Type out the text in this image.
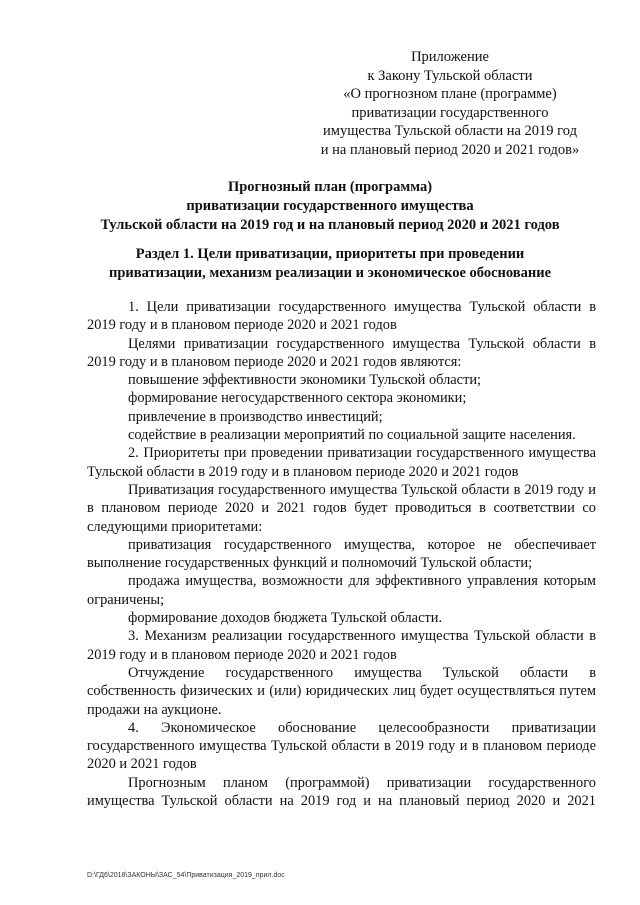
Приложение
к Закону Тульской области
«О прогнозном плане (программе)
приватизации государственного
имущества Тульской области на 2019 год
и на плановый период 2020 и 2021 годов»
Прогнозный план (программа)
приватизации государственного имущества
Тульской области на 2019 год и на плановый период 2020 и 2021 годов
Раздел 1. Цели приватизации, приоритеты при проведении
приватизации, механизм реализации и экономическое обоснование

1. Цели приватизации государственного имущества Тульской области в 2019 году и в плановом периоде 2020 и 2021 годов

Целями приватизации государственного имущества Тульской области в 2019 году и в плановом периоде 2020 и 2021 годов являются:

повышение эффективности экономики Тульской области;

формирование негосударственного сектора экономики;

привлечение в производство инвестиций;

содействие в реализации мероприятий по социальной защите населения.

2. Приоритеты при проведении приватизации государственного имущества Тульской области в 2019 году и в плановом периоде 2020 и 2021 годов

Приватизация государственного имущества Тульской области в 2019 году и в плановом периоде 2020 и 2021 годов будет проводиться в соответствии со следующими приоритетами:

приватизация государственного имущества, которое не обеспечивает выполнение государственных функций и полномочий Тульской области;

продажа имущества, возможности для эффективного управления которым ограничены;

формирование доходов бюджета Тульской области.

3. Механизм реализации государственного имущества Тульской области в 2019 году и в плановом периоде 2020 и 2021 годов

Отчуждение государственного имущества Тульской области в собственность физических и (или) юридических лиц будет осуществляться путем продажи на аукционе.

4. Экономическое обоснование целесообразности приватизации государственного имущества Тульской области в 2019 году и в плановом периоде 2020 и 2021 годов

Прогнозным планом (программой) приватизации государственного имущества Тульской области на 2019 год и на плановый период 2020 и 2021

D:\ГД6\2018\ЗАКОНЫ\ЗАС_54\Приватизация_2019_прил.doc
